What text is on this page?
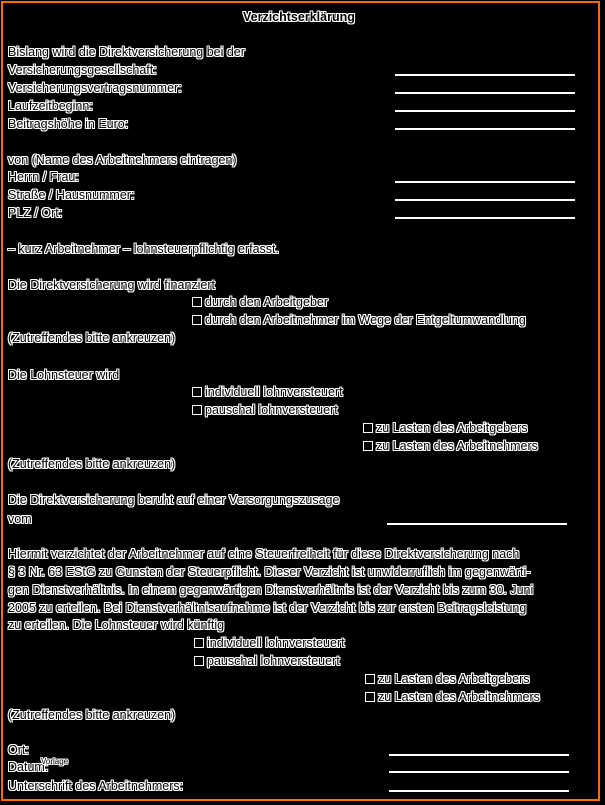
Verzichtserklärung
Bislang wird die Direktversicherung bei der
Versicherungsgesellschaft:
Versicherungsvertragsnummer:
Laufzeitbeginn:
Beitragshöhe in Euro:
von (Name des Arbeitnehmers eintragen)
Herrn / Frau:
Straße / Hausnummer:
PLZ / Ort:
– kurz Arbeitnehmer – lohnsteuerpflichtig erfasst.
Die Direktversicherung wird finanziert
durch den Arbeitgeber
durch den Arbeitnehmer im Wege der Entgeltumwandlung
(Zutreffendes bitte ankreuzen)
Die Lohnsteuer wird
individuell lohnversteuert
pauschal lohnversteuert
zu Lasten des Arbeitgebers
zu Lasten des Arbeitnehmers
(Zutreffendes bitte ankreuzen)
Die Direktversicherung beruht auf einer Versorgungszusage
vom
Hiermit verzichtet der Arbeitnehmer auf eine Steuerfreiheit für diese Direktversicherung nach
§ 3 Nr. 63 EStG zu Gunsten der Steuerpflicht. Dieser Verzicht ist unwiderruflich im gegenwärti-
gen Dienstverhältnis. In einem gegenwärtigen Dienstverhältnis ist der Verzicht bis zum 30. Juni
2005 zu erteilen. Bei Dienstverhältnisaufnahme ist der Verzicht bis zur ersten Beitragsleistung
zu erteilen. Die Lohnsteuer wird künftig
individuell lohnversteuert
pauschal lohnversteuert
zu Lasten des Arbeitgebers
zu Lasten des Arbeitnehmers
(Zutreffendes bitte ankreuzen)
Ort:
Datum:
Vorlage
Unterschrift des Arbeitnehmers:
